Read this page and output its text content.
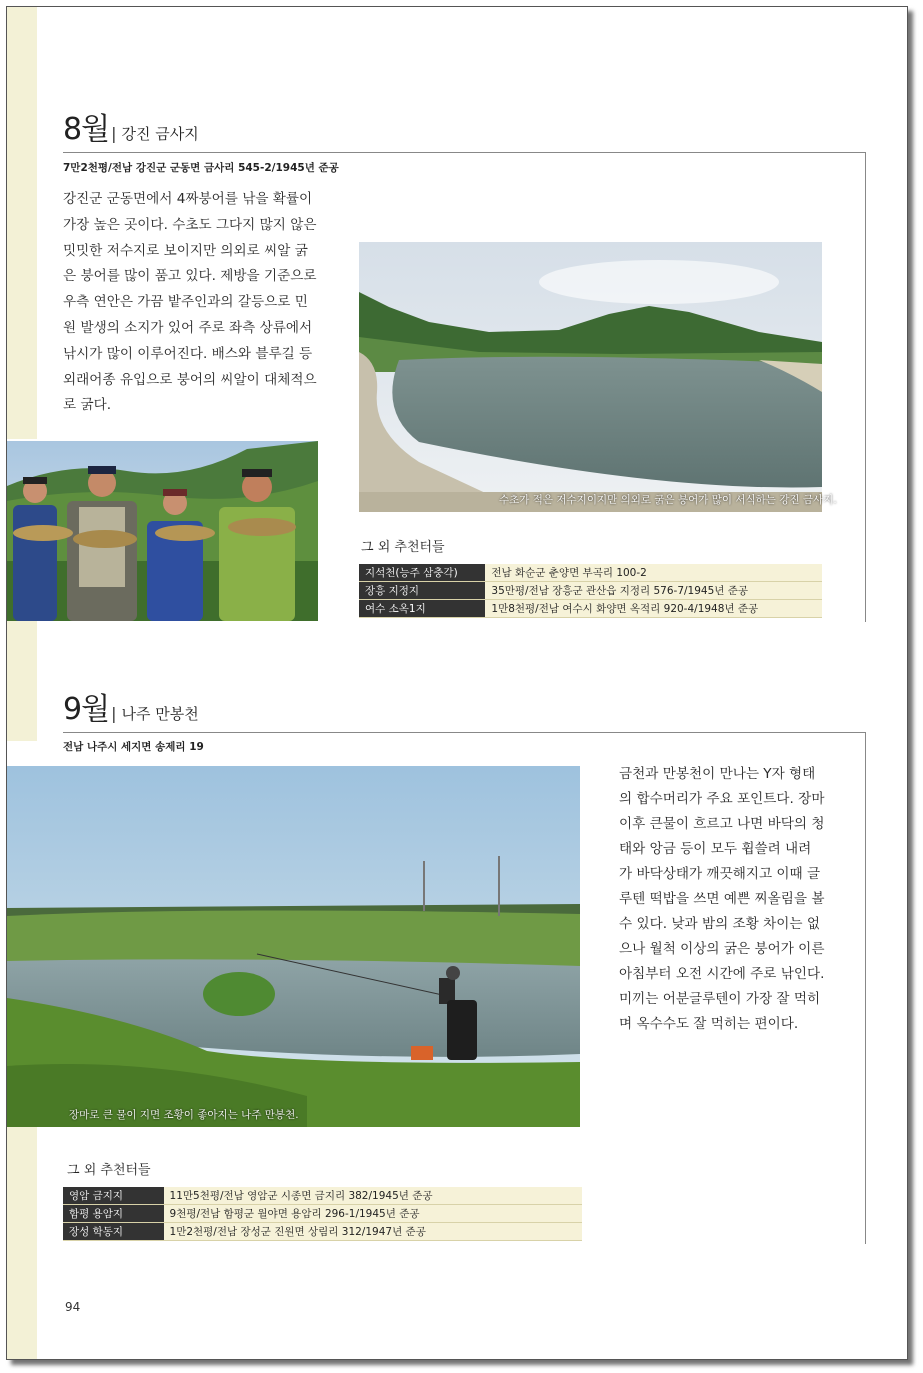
8월 | 강진 금사지
7만2천평/전남 강진군 군동면 금사리 545-2/1945년 준공

강진군 군동면에서 4짜붕어를 낚을 확률이

가장 높은 곳이다. 수초도 그다지 많지 않은

밋밋한 저수지로 보이지만 의외로 씨알 굵

은 붕어를 많이 품고 있다. 제방을 기준으로

우측 연안은 가끔 밭주인과의 갈등으로 민

원 발생의 소지가 있어 주로 좌측 상류에서

낚시가 많이 이루어진다. 배스와 블루길 등

외래어종 유입으로 붕어의 씨알이 대체적으

로 굵다.

수초가 적은 저수지이지만 의외로 굵은 붕어가 많이 서식하는 강진 금사지.
그 외 추천터들
지석천(능주 삼충각)	전남 화순군 춘양면 부곡리 100-2
장흥 지정지	35만평/전남 장흥군 관산읍 지정리 576-7/1945년 준공
여수 소옥1지	1만8천평/전남 여수시 화양면 옥적리 920-4/1948년 준공
9월 | 나주 만봉천
전남 나주시 세지면 송제리 19
장마로 큰 물이 지면 조황이 좋아지는 나주 만봉천.

금천과 만봉천이 만나는 Y자 형태

의 합수머리가 주요 포인트다. 장마

이후 큰물이 흐르고 나면 바닥의 청

태와 앙금 등이 모두 휩쓸려 내려

가 바닥상태가 깨끗해지고 이때 글

루텐 떡밥을 쓰면 예쁜 찌올림을 볼

수 있다. 낮과 밤의 조황 차이는 없

으나 월척 이상의 굵은 붕어가 이른

아침부터 오전 시간에 주로 낚인다.

미끼는 어분글루텐이 가장 잘 먹히

며 옥수수도 잘 먹히는 편이다.

그 외 추천터들
영암 금지지	11만5천평/전남 영암군 시종면 금지리 382/1945년 준공
함평 용암지	9천평/전남 함평군 월야면 용암리 296-1/1945년 준공
장성 학동지	1만2천평/전남 장성군 진원면 상림리 312/1947년 준공
94
